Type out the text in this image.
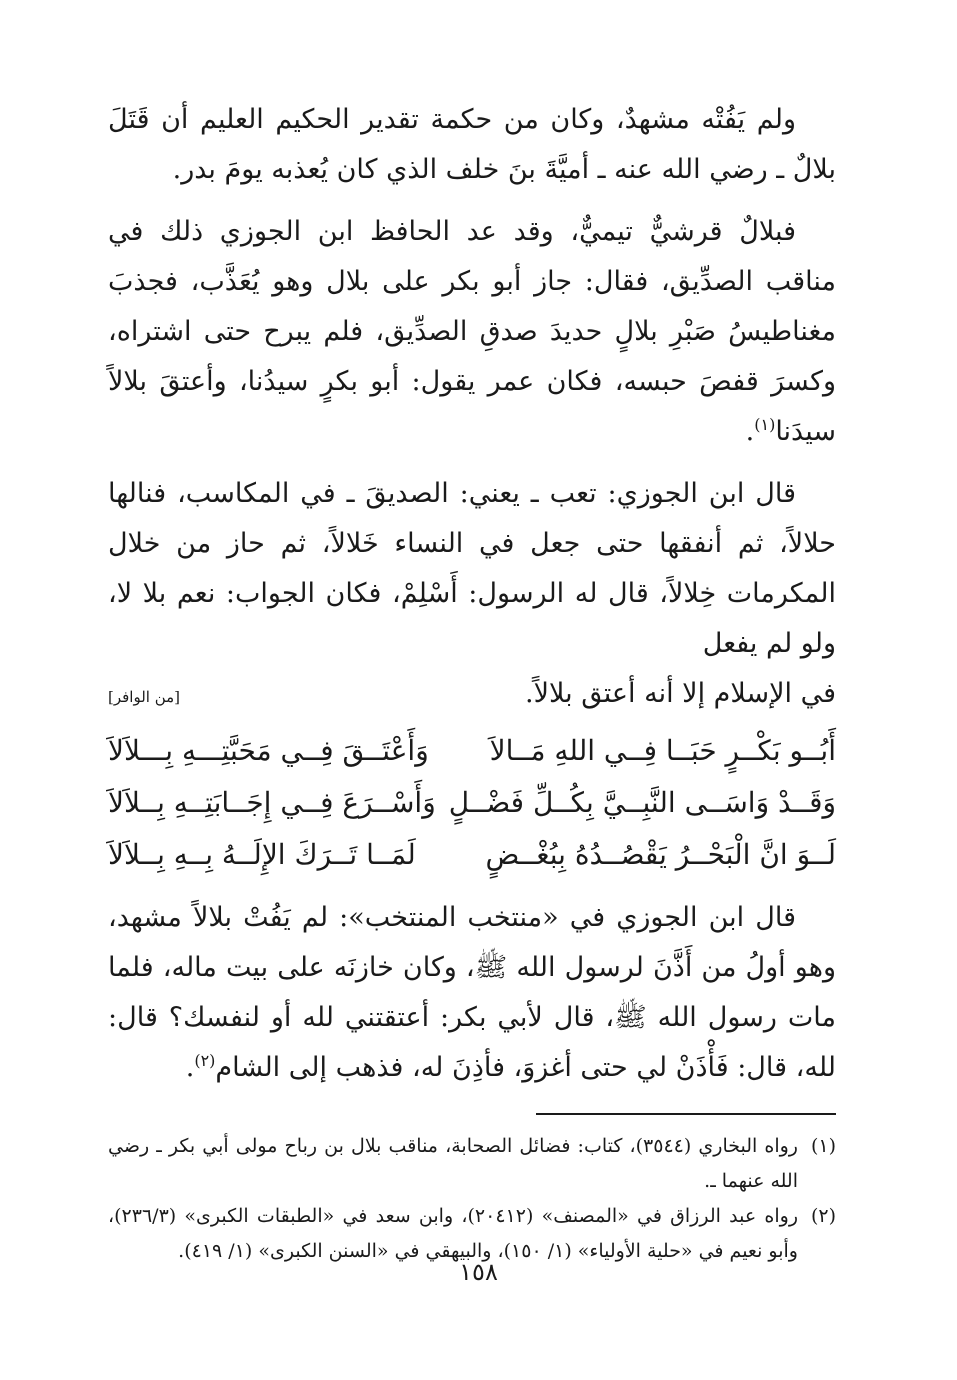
ولم يَفُتْه مشهدٌ، وكان من حكمة تقدير الحكيم العليم أن قَتَلَ بلالٌ ـ رضي الله عنه ـ أميَّةَ بنَ خلف الذي كان يُعذبه يومَ بدر.

فبلالٌ قرشيٌّ تيميٌّ، وقد عد الحافظ ابن الجوزي ذلك في مناقب الصدِّيق، فقال: جاز أبو بكر على بلال وهو يُعَذَّب، فجذبَ مغناطيسُ صَبْرِ بلالٍ حديدَ صدقِ الصدِّيق، فلم يبرح حتى اشتراه، وكسرَ قفصَ حبسه، فكان عمر يقول: أبو بكرٍ سيدُنا، وأعتقَ بلالاً سيدَنا$^{(١)}$.

قال ابن الجوزي: تعب ـ يعني: الصديقَ ـ في المكاسب، فنالها حلالاً، ثم أنفقها حتى جعل في النساء خَلالاً، ثم حاز من خلال المكرمات خِلالاً، قال له الرسول: أَسْلِمْ، فكان الجواب: نعم بلا لا، ولو لم يفعل

في الإسلام إلا أنه أعتق بلالاً.

[من الوافر]
أَبُــو بَكْــرٍ حَبَــا فِــي اللهِ مَــالاَ
وَأَعْتَــقَ فِــي مَحَبَّتِـــهِ بِـــلاَلاَ
وَقَــدْ وَاسَــى النَّبِــيَّ بِكُــلِّ فَضْــلٍ
وَأَسْــرَعَ فِــي إِجَــابَتِــهِ بِــلاَلاَ
لَــوَ انَّ الْبَحْــرُ يَقْصُــدُهُ بِبُغْــضٍ
لَمَــا تَــرَكَ الإِلَــهُ بِــهِ بِــلاَلاَ

قال ابن الجوزي في «منتخب المنتخب»: لم يَفُتْ بلالاً مشهد، وهو أولُ من أَذَّنَ لرسول الله ﷺ، وكان خازنَه على بيت ماله، فلما مات رسول الله ﷺ، قال لأبي بكر: أعتقتني لله أو لنفسك؟ قال: لله، قال: فَأْذَنْ لي حتى أغزوَ، فأذِنَ له، فذهب إلى الشام$^{(٢)}$.

(١)
رواه البخاري (٣٥٤٤)، كتاب: فضائل الصحابة، مناقب بلال بن رباح مولى أبي بكر ـ رضي الله عنهما ـ.
(٢)
رواه عبد الرزاق في «المصنف» (٢٠٤١٢)، وابن سعد في «الطبقات الكبرى» (٢٣٦/٣)، وأبو نعيم في «حلية الأولياء» (١/ ١٥٠)، والبيهقي في «السنن الكبرى» (١/ ٤١٩).
١٥٨
